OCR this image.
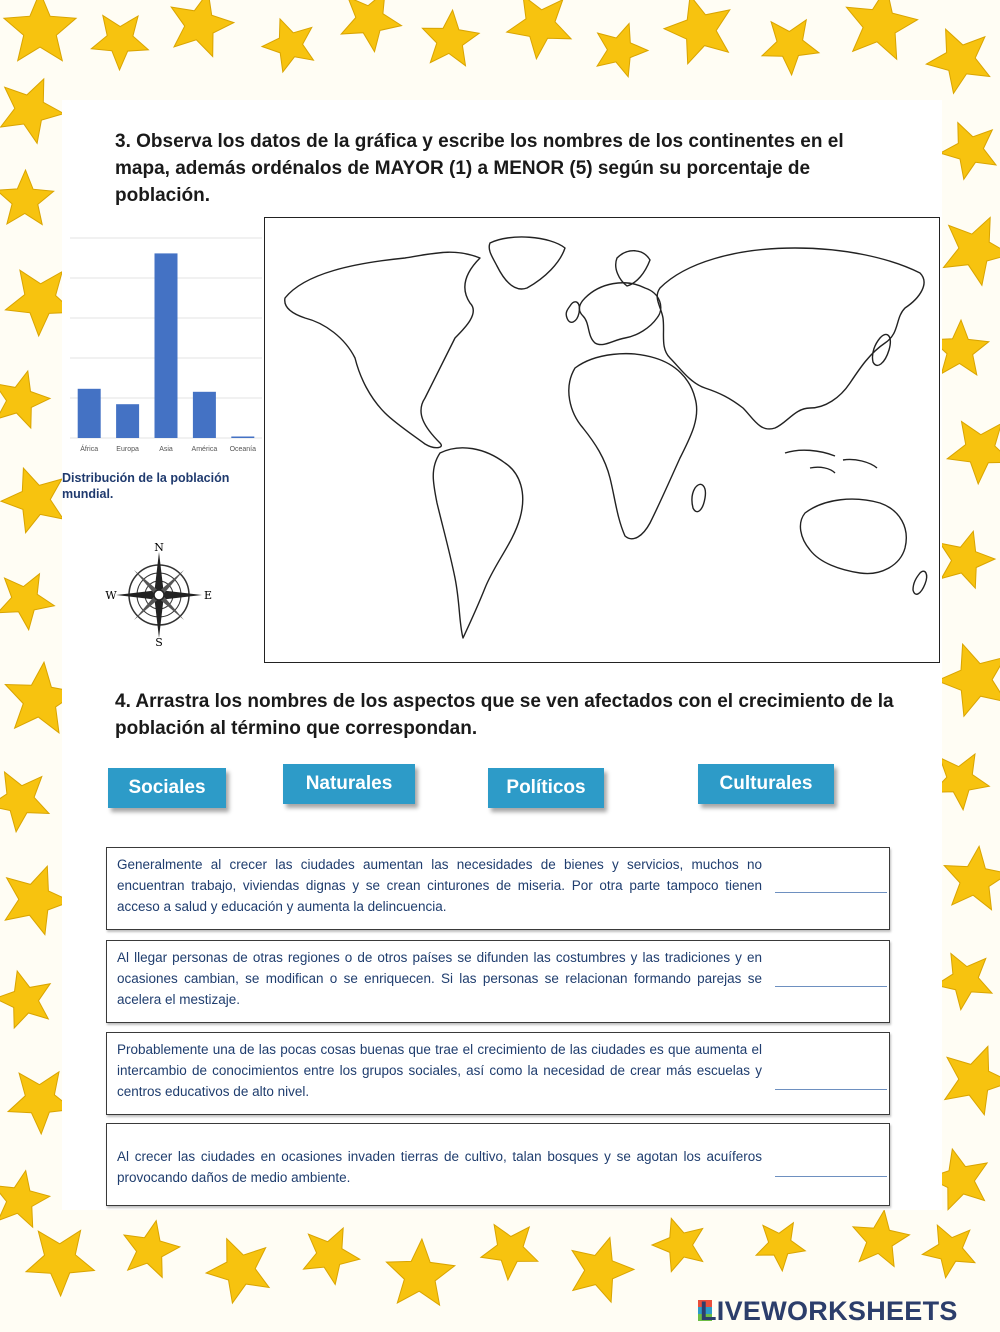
3. Observa los datos de la gráfica y escribe los nombres de los continentes en el mapa, además ordénalos de MAYOR (1) a MENOR (5) según su porcentaje de población.
África	Europa	Asia	América Oceanía
Distribución de la población mundial.
N
S
E
W
4. Arrastra los nombres de los aspectos que se ven afectados con el crecimiento de la población al término que correspondan.
Sociales	Naturales	Políticos	Culturales

Generalmente al crecer las ciudades aumentan las necesidades de bienes y servicios, muchos no encuentran trabajo, viviendas dignas y se crean cinturones de miseria. Por otra parte tampoco tienen acceso a salud y educación y aumenta la delincuencia.

Al llegar personas de otras regiones o de otros países se difunden las costumbres y las tradiciones y en ocasiones cambian, se modifican o se enriquecen. Si las personas se relacionan formando parejas se acelera el mestizaje.

Probablemente una de las pocas cosas buenas que trae el crecimiento de las ciudades es que aumenta el intercambio de conocimientos entre los grupos sociales, así como la necesidad de crear más escuelas y centros educativos de alto nivel.

Al crecer las ciudades en ocasiones invaden tierras de cultivo, talan bosques y se agotan los acuíferos provocando daños de medio ambiente.

LIVEWORKSHEETS
